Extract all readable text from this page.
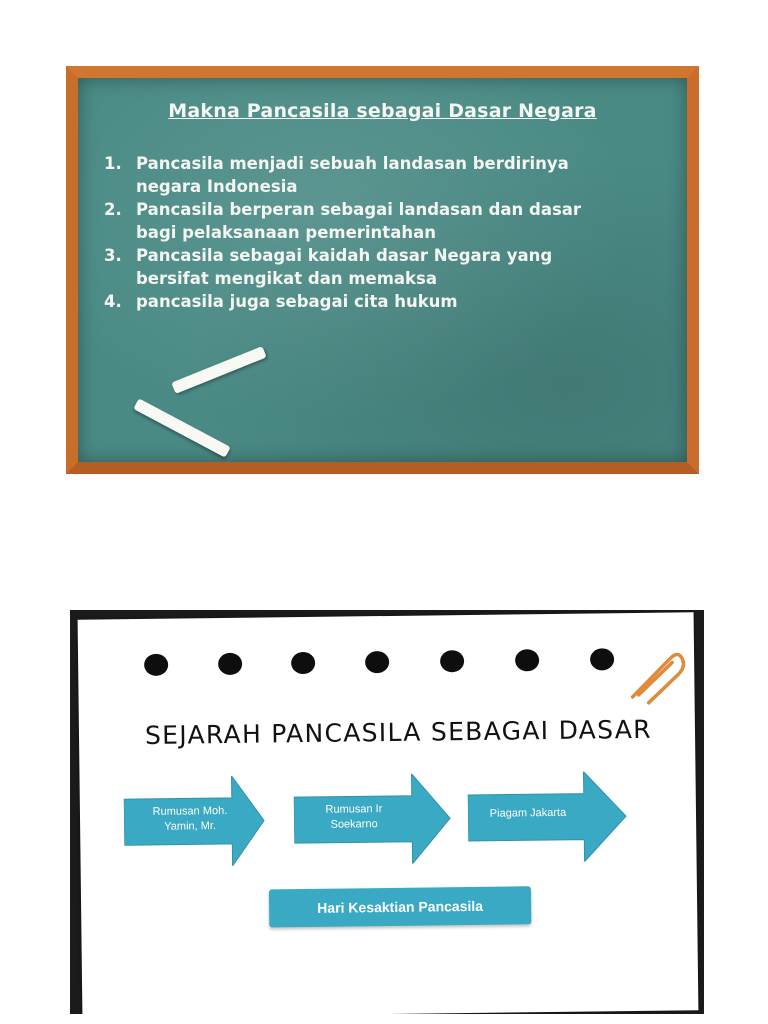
Makna Pancasila sebagai Dasar Negara
1. Pancasila menjadi sebuah landasan berdirinya
negara Indonesia
2. Pancasila berperan sebagai landasan dan dasar
bagi pelaksanaan pemerintahan
3. Pancasila sebagai kaidah dasar Negara yang
bersifat mengikat dan memaksa
4. pancasila juga sebagai cita hukum
SEJARAH PANCASILA SEBAGAI DASAR
Rumusan Moh.
Yamin, Mr.
Rumusan Ir
Soekarno
Piagam Jakarta
Hari Kesaktian Pancasila
